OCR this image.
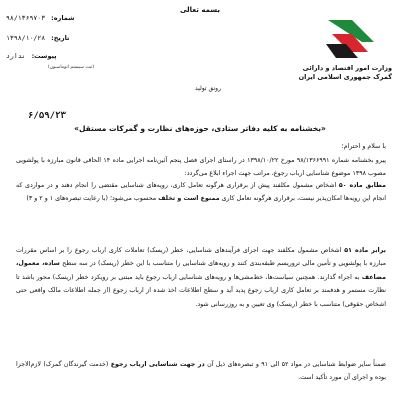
بسمه تعالی
شماره:
۹۸/۱۳۶۹۷۰۳
تاریخ:
۱۳۹۸/۱۰/۲۸
پیوست:
ندارد
(ثبت سیستم اتوماسیون)	وزارت امور اقتصاد و دارائی
گمرک جمهوری اسلامی ایران
رونق تولید
۶/۵۹/۲۳
«بخشنامه به کلیه دفاتر ستادی، حوزه‌های نظارت و گمرکات مستقل»
با سلام و احترام؛
پیرو بخشنامه شماره ۹۸/۱۳۶۶۹۹۱ مورخ ۱۳۹۸/۱۰/۲۲ در راستای اجرای فصل پنجم آئین‌نامه اجرایی ماده ۱۴ الحاقی قانون مبارزه با پولشویی مصوب ۱۳۹۸ موضوع شناسایی ارباب رجوع، مراتب جهت اجراء ابلاغ می‌گردد:
مطابق ماده ۵۰ اشخاص مشمول مکلفند پیش از برقراری هرگونه تعامل کاری، رویه‌های شناسایی مقتضی را انجام دهند و در مواردی که انجام این رویه‌ها امکان‌پذیر نیست، برقراری هرگونه تعامل کاری ممنوع است و تخلف محسوب می‌شود؛ (با رعایت تبصره‌های ۱ و ۲ و ۳)
برابر ماده ۵۱ اشخاص مشمول مکلفند جهت اجرای فرآیندهای شناسایی، خطر (ریسک) تعاملات کاری ارباب رجوع را بر اساس مقررات مبارزه با پولشویی و تأمین مالی تروریسم طبقه‌بندی کنند و رویه‌های شناسایی را متناسب با این خطر (ریسک) در سه سطح ساده، معمول، مضاعف به اجراء گذارند. همچنین سیاست‌ها، خط‌مشی‌ها و رویه‌های شناسایی ارباب رجوع باید مبتنی بر رویکرد خطر (ریسک) محور باشد تا نظارت مستمر و هدفمند بر تعامل کاری ارباب رجوع پدید آید و سطح اطلاعات اخذ شده از ارباب رجوع (از جمله اطلاعات مالک واقعی حتی اشخاص حقوقی) متناسب با خطر (ریسک) وی تعیین و به روزرسانی شود.
ضمناً سایر ضوابط شناسایی در مواد ۵۲ الی ۹۱ و تبصره‌های ذیل آن در جهت شناسایی ارباب رجوع (خدمت گیرندگان گمرک) لازم‌الاجرا بوده و اجرای آن مورد تأکید است.
